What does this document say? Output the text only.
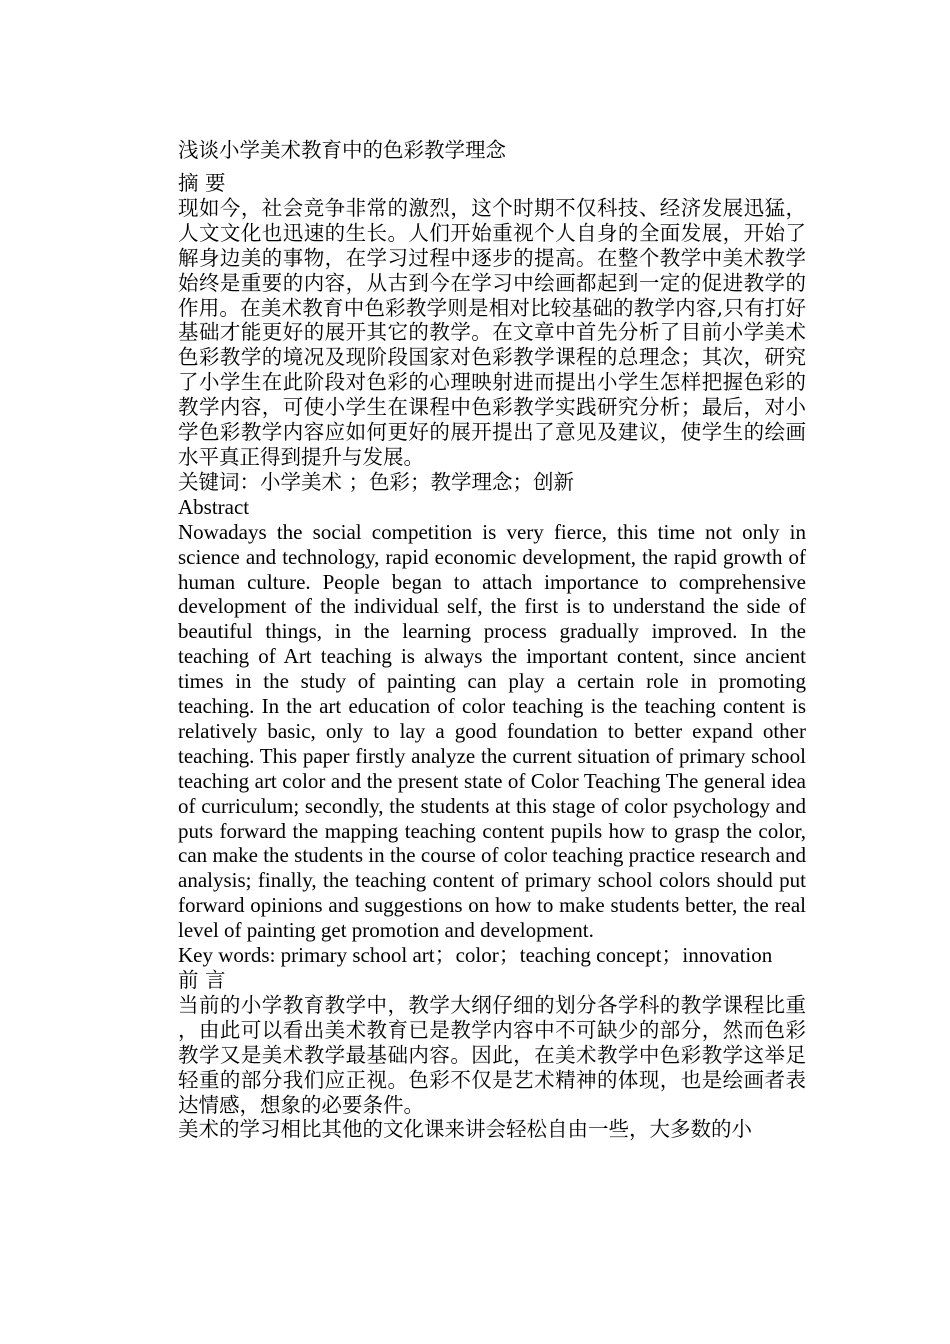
浅谈小学美术教育中的色彩教学理念

摘 要

现如今，社会竞争非常的激烈，这个时期不仅科技、经济发展迅猛，人文文化也迅速的生长。人们开始重视个人自身的全面发展，开始了解身边美的事物，在学习过程中逐步的提高。在整个教学中美术教学始终是重要的内容，从古到今在学习中绘画都起到一定的促进教学的作用。在美术教育中色彩教学则是相对比较基础的教学内容,只有打好基础才能更好的展开其它的教学。在文章中首先分析了目前小学美术色彩教学的境况及现阶段国家对色彩教学课程的总理念；其次，研究了小学生在此阶段对色彩的心理映射进而提出小学生怎样把握色彩的教学内容，可使小学生在课程中色彩教学实践研究分析；最后，对小学色彩教学内容应如何更好的展开提出了意见及建议，使学生的绘画水平真正得到提升与发展。

关键词：小学美术 ；色彩；教学理念；创新

Abstract

Nowadays the social competition is very fierce, this time not only in science and technology, rapid economic development, the rapid growth of human culture. People began to attach importance to comprehensive development of the individual self, the first is to understand the side of beautiful things, in the learning process gradually improved. In the teaching of Art teaching is always the important content, since ancient times in the study of painting can play a certain role in promoting teaching. In the art education of color teaching is the teaching content is relatively basic, only to lay a good foundation to better expand other teaching. This paper firstly analyze the current situation of primary school teaching art color and the present state of Color Teaching The general idea of curriculum; secondly, the students at this stage of color psychology and puts forward the mapping teaching content pupils how to grasp the color, can make the students in the course of color teaching practice research and analysis; finally, the teaching content of primary school colors should put forward opinions and suggestions on how to make students better, the real level of painting get promotion and development.

Key words: primary school art；color；teaching concept；innovation

前 言

当前的小学教育教学中，教学大纲仔细的划分各学科的教学课程比重，由此可以看出美术教育已是教学内容中不可缺少的部分，然而色彩教学又是美术教学最基础内容。因此，在美术教学中色彩教学这举足轻重的部分我们应正视。色彩不仅是艺术精神的体现，也是绘画者表达情感，想象的必要条件。

美术的学习相比其他的文化课来讲会轻松自由一些，大多数的小
